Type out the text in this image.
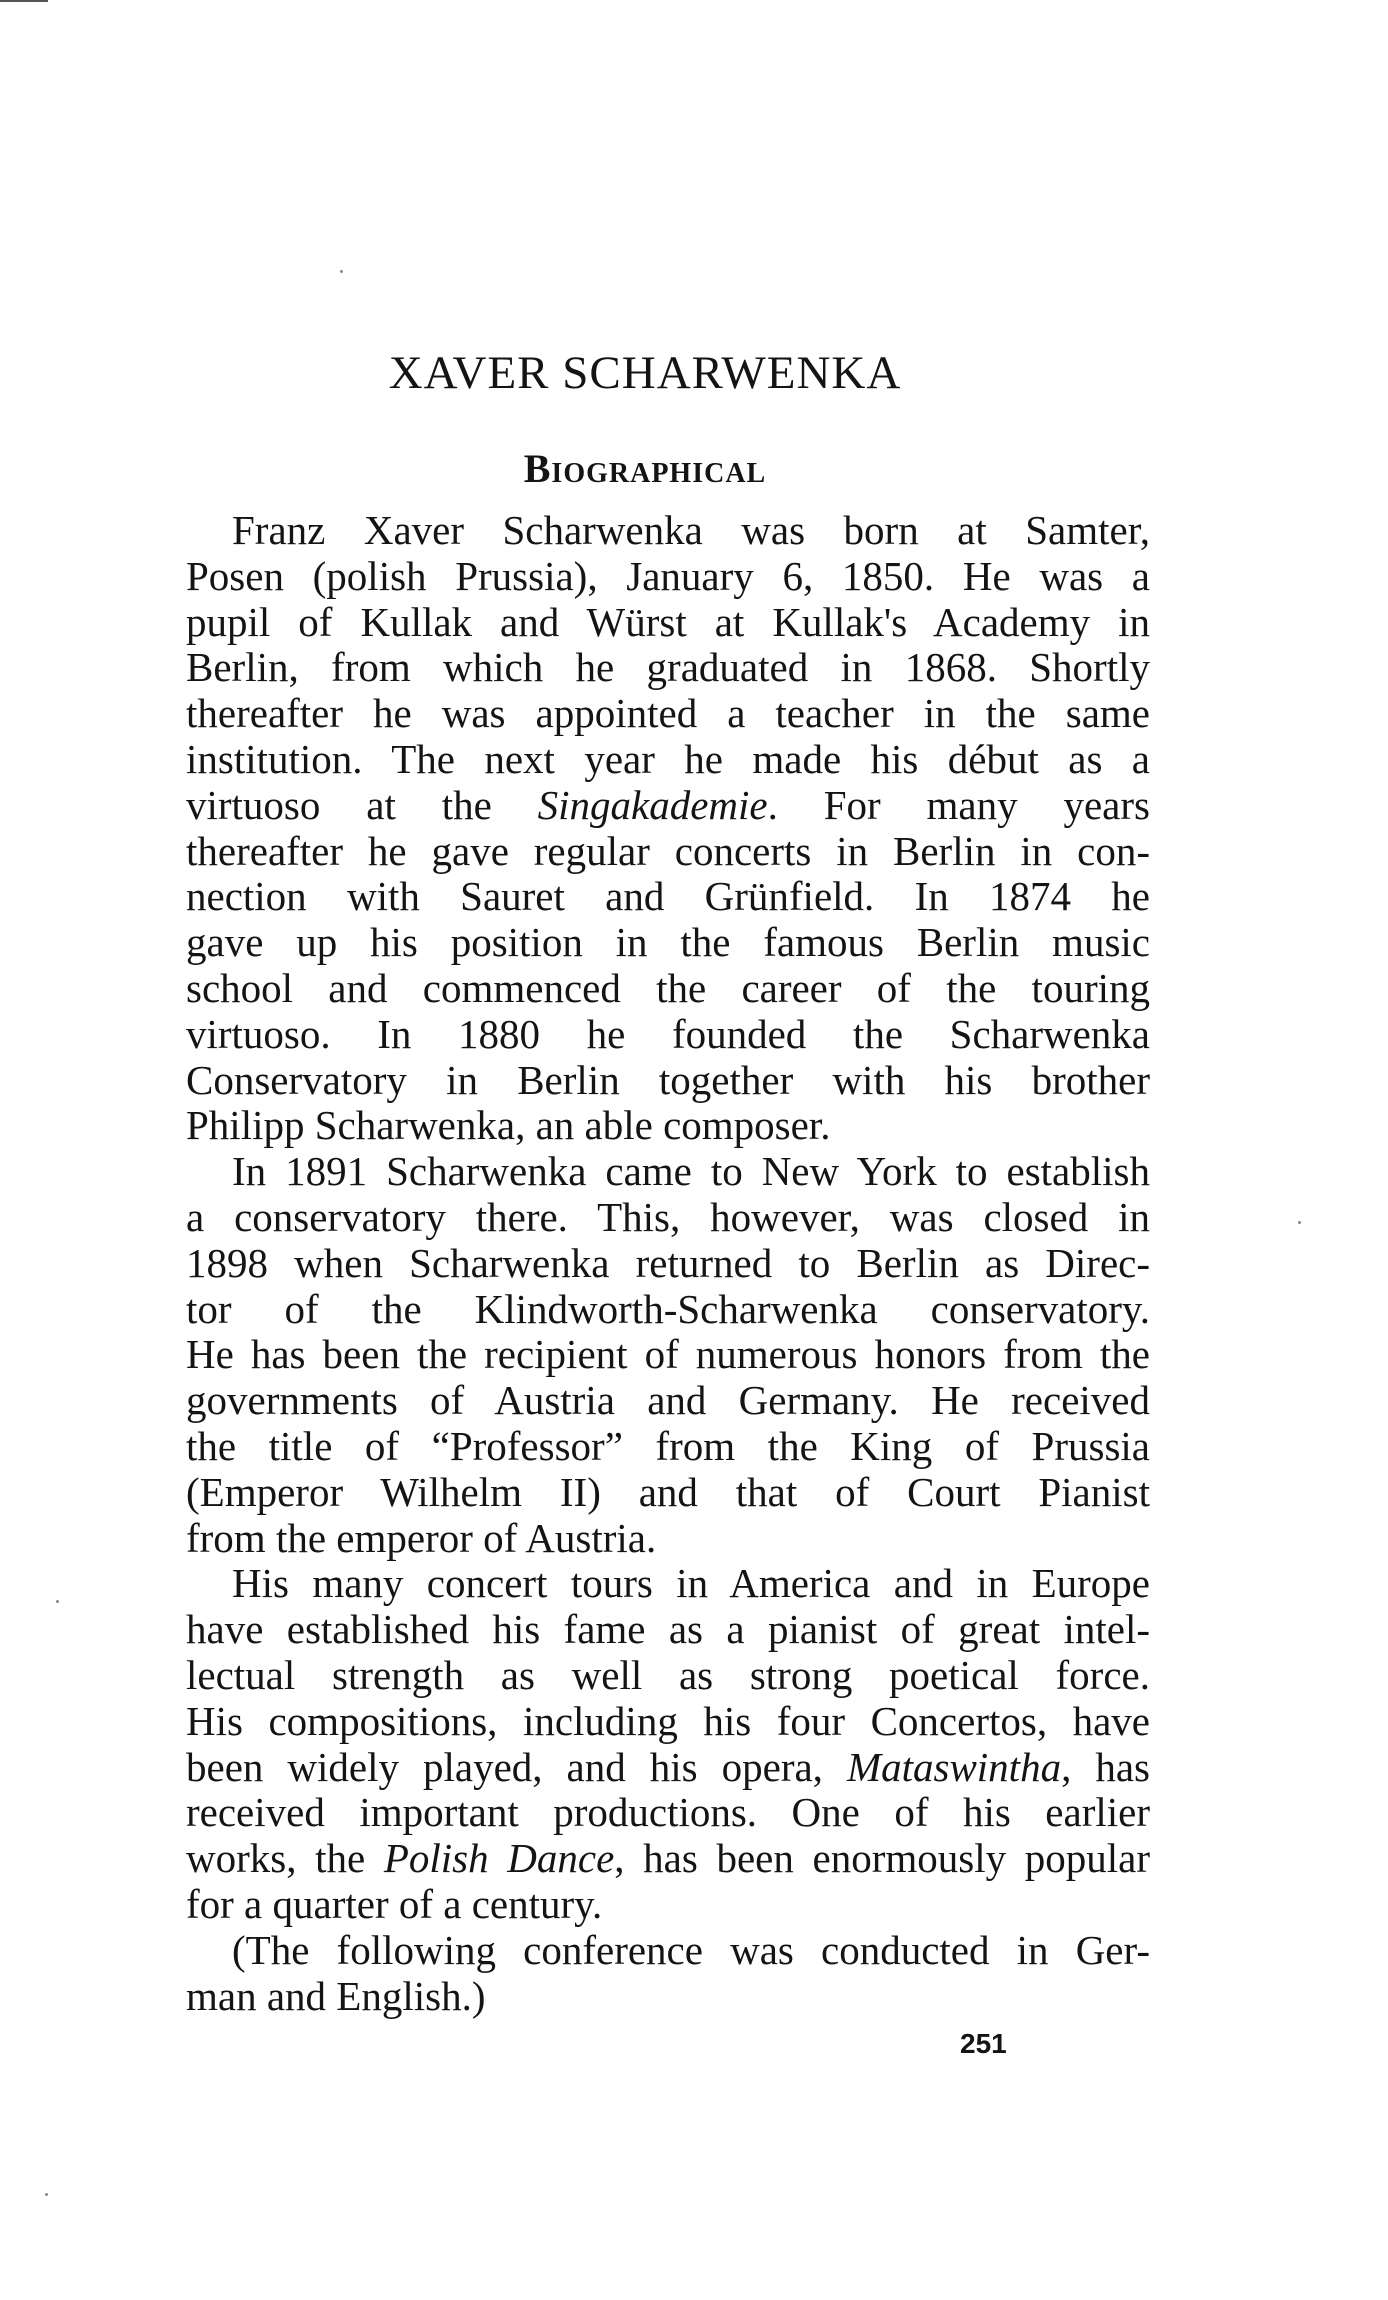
XAVER SCHARWENKA
Biographical
Franz Xaver Scharwenka was born at Samter,
Posen (polish Prussia), January 6, 1850. He was a
pupil of Kullak and Würst at Kullak's Academy in
Berlin, from which he graduated in 1868. Shortly
thereafter he was appointed a teacher in the same
institution. The next year he made his début as a
virtuoso at the Singakademie. For many years
thereafter he gave regular concerts in Berlin in con-
nection with Sauret and Grünfield. In 1874 he
gave up his position in the famous Berlin music
school and commenced the career of the touring
virtuoso. In 1880 he founded the Scharwenka
Conservatory in Berlin together with his brother
Philipp Scharwenka, an able composer.
In 1891 Scharwenka came to New York to establish
a conservatory there. This, however, was closed in
1898 when Scharwenka returned to Berlin as Direc-
tor of the Klindworth-Scharwenka conservatory.
He has been the recipient of numerous honors from the
governments of Austria and Germany. He received
the title of “Professor” from the King of Prussia
(Emperor Wilhelm II) and that of Court Pianist
from the emperor of Austria.
His many concert tours in America and in Europe
have established his fame as a pianist of great intel-
lectual strength as well as strong poetical force.
His compositions, including his four Concertos, have
been widely played, and his opera, Mataswintha, has
received important productions. One of his earlier
works, the Polish Dance, has been enormously popular
for a quarter of a century.
(The following conference was conducted in Ger-
man and English.)
251
